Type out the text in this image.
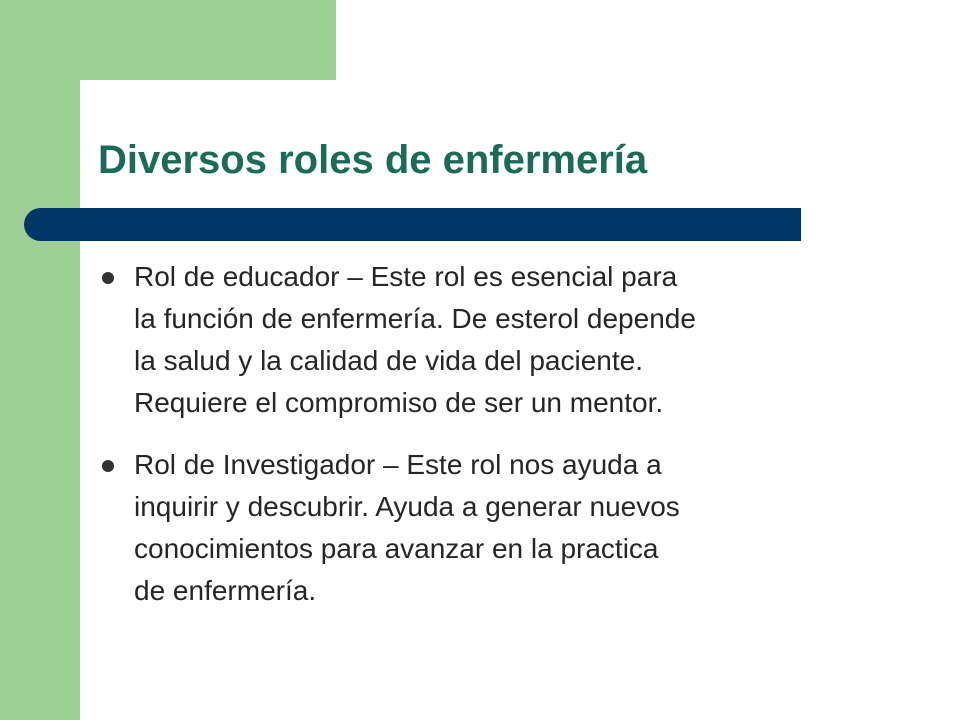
Diversos roles de enfermería
Rol de educador – Este rol es esencial para
la función de enfermería. De esterol depende
la salud y la calidad de vida del paciente.
Requiere el compromiso de ser un mentor.
Rol de Investigador – Este rol nos ayuda a
inquirir y descubrir. Ayuda a generar nuevos
conocimientos para avanzar en la practica
de enfermería.
